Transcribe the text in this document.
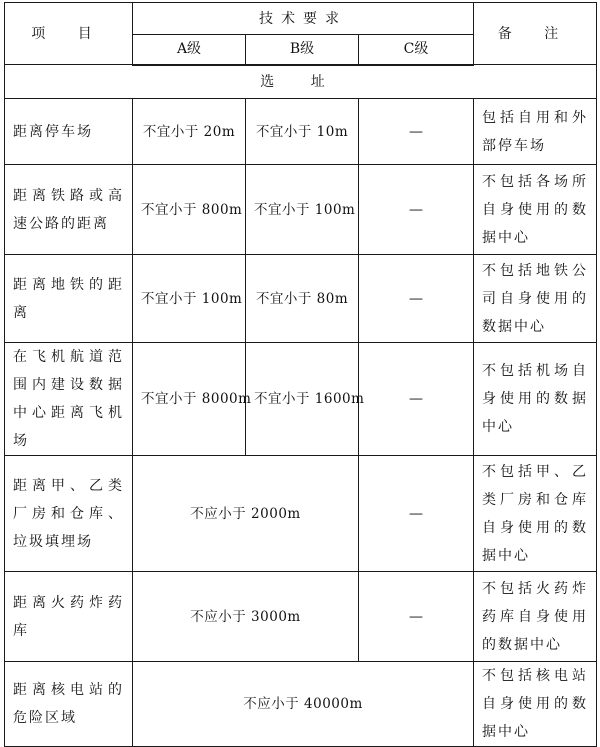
项 目	技术要求			备 注
	A级	B级	C级	
选 址				
距离停车场	不宜小于 20m	不宜小于 10m	—	包括自用和外部停车场
距离铁路或高速公路的距离	不宜小于 800m	不宜小于 100m	—	不包括各场所自身使用的数据中心
距离地铁的距离	不宜小于 100m	不宜小于 80m	—	不包括地铁公司自身使用的数据中心
在飞机航道范围内建设数据中心距离飞机场	不宜小于 8000m	不宜小于 1600m	—	不包括机场自身使用的数据中心
距离甲、乙类厂房和仓库、垃圾填埋场	不应小于 2000m		—	不包括甲、乙类厂房和仓库自身使用的数据中心
距离火药炸药库	不应小于 3000m		—	不包括火药炸药库自身使用的数据中心
距离核电站的危险区域	不应小于 40000m			不包括核电站自身使用的数据中心
